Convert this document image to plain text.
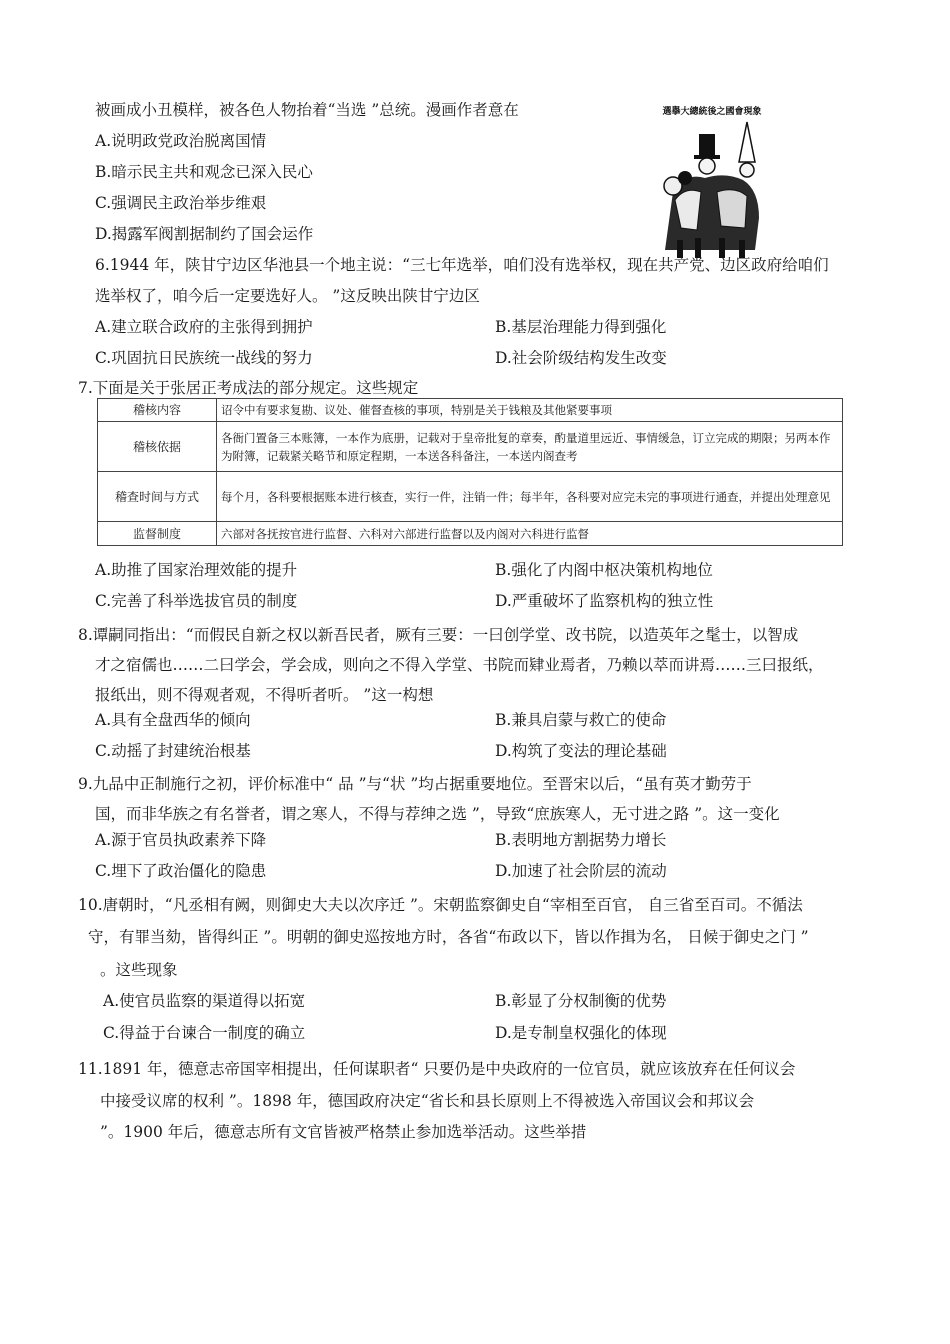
被画成小丑模样，被各色人物抬着“当选 ”总统。漫画作者意在
A.说明政党政治脱离国情
B.暗示民主共和观念已深入民心
C.强调民主政治举步维艰
D.揭露军阀割据制约了国会运作
選擧大總統後之國會現象
6.1944 年，陕甘宁边区华池县一个地主说：“三七年选举，咱们没有选举权，现在共产党、边区政府给咱们
选举权了，咱今后一定要选好人。 ”这反映出陕甘宁边区
A.建立联合政府的主张得到拥护	B.基层治理能力得到强化
C.巩固抗日民族统一战线的努力	D.社会阶级结构发生改变
7.下面是关于张居正考成法的部分规定。这些规定
稽核内容	诏令中有要求复勘、议处、催督查核的事项，特别是关于钱粮及其他紧要事项
稽核依据	各衙门置备三本账簿，一本作为底册，记载对于皇帝批复的章奏，酌量道里远近、事情缓急，订立完成的期限；另两本作为附簿，记载紧关略节和原定程期，一本送各科备注，一本送内阁查考
稽查时间与方式	每个月，各科要根据账本进行核查，实行一件，注销一件；每半年，各科要对应完未完的事项进行通查，并提出处理意见
监督制度	六部对各抚按官进行监督、六科对六部进行监督以及内阁对六科进行监督
A.助推了国家治理效能的提升	B.强化了内阁中枢决策机构地位
C.完善了科举选拔官员的制度	D.严重破坏了监察机构的独立性
8.谭嗣同指出：“而假民自新之权以新吾民者，厥有三要：一曰创学堂、改书院，以造英年之髦士，以智成
才之宿儒也……二曰学会，学会成，则向之不得入学堂、书院而肄业焉者，乃赖以萃而讲焉……三曰报纸，
报纸出，则不得观者观，不得听者听。 ”这一构想
A.具有全盘西华的倾向	B.兼具启蒙与救亡的使命
C.动摇了封建统治根基	D.构筑了变法的理论基础
9.九品中正制施行之初，评价标准中“ 品 ”与“状 ”均占据重要地位。至晋宋以后，“虽有英才勤劳于
国，而非华族之有名誉者，谓之寒人，不得与荐绅之选 ”，导致“庶族寒人，无寸进之路 ”。这一变化
A.源于官员执政素养下降	B.表明地方割据势力增长
C.埋下了政治僵化的隐患	D.加速了社会阶层的流动
10.唐朝时，“凡丞相有阙，则御史大夫以次序迁 ”。宋朝监察御史自“宰相至百官， 自三省至百司。不循法
守，有罪当劾，皆得纠正 ”。明朝的御史巡按地方时，各省“布政以下，皆以作揖为名， 日候于御史之门 ”
。这些现象
A.使官员监察的渠道得以拓宽	B.彰显了分权制衡的优势
C.得益于台谏合一制度的确立	D.是专制皇权强化的体现
11.1891 年，德意志帝国宰相提出，任何谋职者“ 只要仍是中央政府的一位官员，就应该放弃在任何议会
中接受议席的权利 ”。1898 年，德国政府决定“省长和县长原则上不得被选入帝国议会和邦议会
”。1900 年后，德意志所有文官皆被严格禁止参加选举活动。这些举措
